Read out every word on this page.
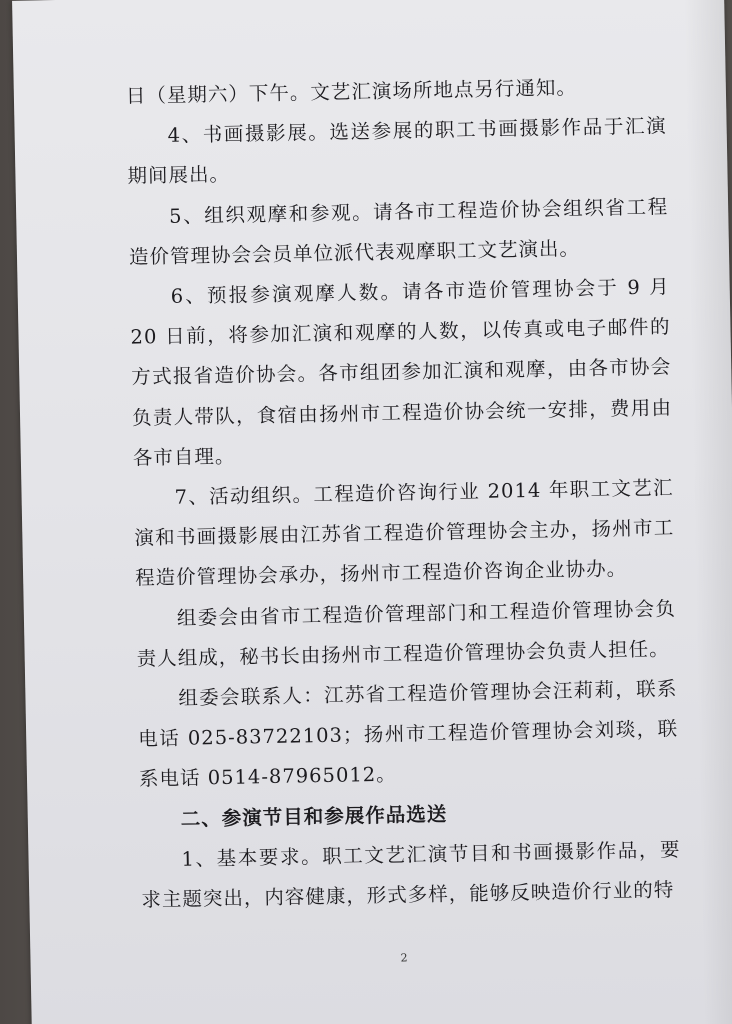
日（星期六）下午。文艺汇演场所地点另行通知。

4、书画摄影展。选送参展的职工书画摄影作品于汇演期间展出。

5、组织观摩和参观。请各市工程造价协会组织省工程造价管理协会会员单位派代表观摩职工文艺演出。

6、预报参演观摩人数。请各市造价管理协会于 9 月 20 日前，将参加汇演和观摩的人数，以传真或电子邮件的方式报省造价协会。各市组团参加汇演和观摩，由各市协会负责人带队，食宿由扬州市工程造价协会统一安排，费用由各市自理。

7、活动组织。工程造价咨询行业 2014 年职工文艺汇演和书画摄影展由江苏省工程造价管理协会主办，扬州市工程造价管理协会承办，扬州市工程造价咨询企业协办。

组委会由省市工程造价管理部门和工程造价管理协会负责人组成，秘书长由扬州市工程造价管理协会负责人担任。

组委会联系人：江苏省工程造价管理协会汪莉莉，联系电话 025-83722103；扬州市工程造价管理协会刘琰，联系电话 0514-87965012。

二、参演节目和参展作品选送

1、基本要求。职工文艺汇演节目和书画摄影作品，要求主题突出，内容健康，形式多样，能够反映造价行业的特

2
